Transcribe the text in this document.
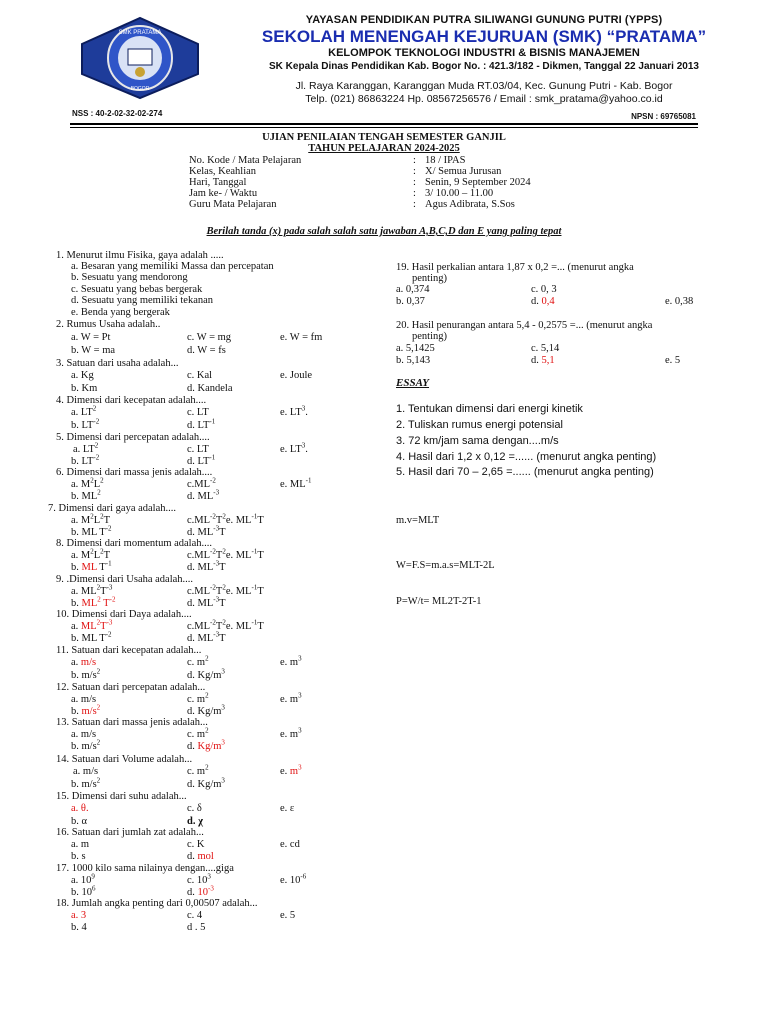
SMK PRATAMA
BOGOR
YAYASAN PENDIDIKAN PUTRA SILIWANGI GUNUNG PUTRI (YPPS)
SEKOLAH MENENGAH KEJURUAN (SMK) “PRATAMA”
KELOMPOK TEKNOLOGI INDUSTRI & BISNIS MANAJEMEN
SK Kepala Dinas Pendidikan Kab. Bogor No. : 421.3/182 - Dikmen, Tanggal 22 Januari 2013
Jl. Raya Karanggan, Karanggan Muda RT.03/04, Kec. Gunung Putri - Kab. Bogor
Telp. (021) 86863224 Hp. 08567256576 / Email : smk_pratama@yahoo.co.id
NSS : 40-2-02-32-02-274	NPSN : 69765081
UJIAN PENILAIAN TENGAH SEMESTER GANJIL
TAHUN PELAJARAN 2024-2025
No. Kode / Mata Pelajaran	: 18 / IPAS
Kelas, Keahlian	: X/ Semua Jurusan
Hari, Tanggal	: Senin, 9 September 2024
Jam ke- / Waktu	: 3/ 10.00 – 11.00
Guru Mata Pelajaran	: Agus Adibrata, S.Sos
Berilah tanda (x) pada salah salah satu jawaban A,B,C,D dan E yang paling tepat
1. Menurut ilmu Fisika, gaya adalah .....
a. Besaran yang memiliki Massa dan percepatan
b. Sesuatu yang mendorong
c. Sesuatu yang bebas bergerak
d. Sesuatu yang memiliki tekanan
e. Benda yang bergerak
2. Rumus Usaha adalah..
a. W = Pt	c. W = mg	e. W = fm
b. W = ma	d. W = fs
3. Satuan dari usaha adalah...
a. Kg	c. Kal	e. Joule
b. Km	d. Kandela
4. Dimensi dari kecepatan adalah....
a. $LT^2$	c. LT	e. $LT^3$.
b. $LT^{-2}$	d. $LT^{-1}$
5. Dimensi dari percepatan adalah....
a. $LT^2$	c. LT	e. $LT^3$.
b. $LT^{-2}$	d. $LT^{-1}$
6. Dimensi dari massa jenis adalah....
a. $M^2L^2$	$c.ML^{-2}$	e. $ML^{-1}$
b. $ML^2$	d. $ML^{-3}$
7. Dimensi dari gaya adalah....
a. $M^2L^2T$	$c.ML^{-2}T^2e$. $ML^{-1}T$
b. ML $T^{-2}$	d. $ML^{-3}T$
8. Dimensi dari momentum adalah....
a. $M^2L^2T$	$c.ML^{-2}T^2e$. $ML^{-1}T$
b. ML $T^{-1}$	d. $ML^{-3}T$
9. .Dimensi dari Usaha adalah....
a. $ML^2T^{-3}$	$c.ML^{-2}T^2e$. $ML^{-1}T$
b. $ML^2$ $T^{-2}$	d. $ML^{-3}T$
10. Dimensi dari Daya adalah....
a. $ML^2T^{-3}$	$c.ML^{-2}T^2e$. $ML^{-1}T$
b. ML $T^{-2}$	d. $ML^{-3}T$
11. Satuan dari kecepatan adalah...
a. m/s	c. $m^2$	e. $m^3$
b. $m/s^2$	d. $Kg/m^3$
12. Satuan dari percepatan adalah...
a. m/s	c. $m^2$	e. $m^3$
b. $m/s^2$	d. $Kg/m^3$
13. Satuan dari massa jenis adalah...
a. m/s	c. $m^2$	e. $m^3$
b. $m/s^2$	d. $Kg/m^3$
14. Satuan dari Volume adalah...
a. m/s	c. $m^2$	e. $m^3$
b. $m/s^2$	d. $Kg/m^3$
15. Dimensi dari suhu adalah...
a. θ.	c. δ	e. ε
b. α	d. χ
16. Satuan dari jumlah zat adalah...
a. m	c. K	e. cd
b. s	d. mol
17. 1000 kilo sama nilainya dengan....giga
a. $10^9$	c. $10^3$	e. $10^{-6}$
b. $10^6$	d. $10^{-3}$
18. Jumlah angka penting dari 0,00507 adalah...
a. 3	c. 4	e. 5
b. 4	d . 5
19. Hasil perkalian antara 1,87 x 0,2 =... (menurut angka
penting)
a. 0,374	c. 0, 3
b. 0,37	d. 0,4	e. 0,38
20. Hasil penurangan antara 5,4 - 0,2575 =... (menurut angka
penting)
a. 5,1425	c. 5,14
b. 5,143	d. 5,1	e. 5
ESSAY
1. Tentukan dimensi dari energi kinetik
2. Tuliskan rumus energi potensial
3. 72 km/jam sama dengan....m/s
4. Hasil dari 1,2 x 0,12 =...... (menurut angka penting)
5. Hasil dari 70 – 2,65 =...... (menurut angka penting)
m.v=MLT
W=F.S=m.a.s=MLT-2L
P=W/t= ML2T-2T-1
